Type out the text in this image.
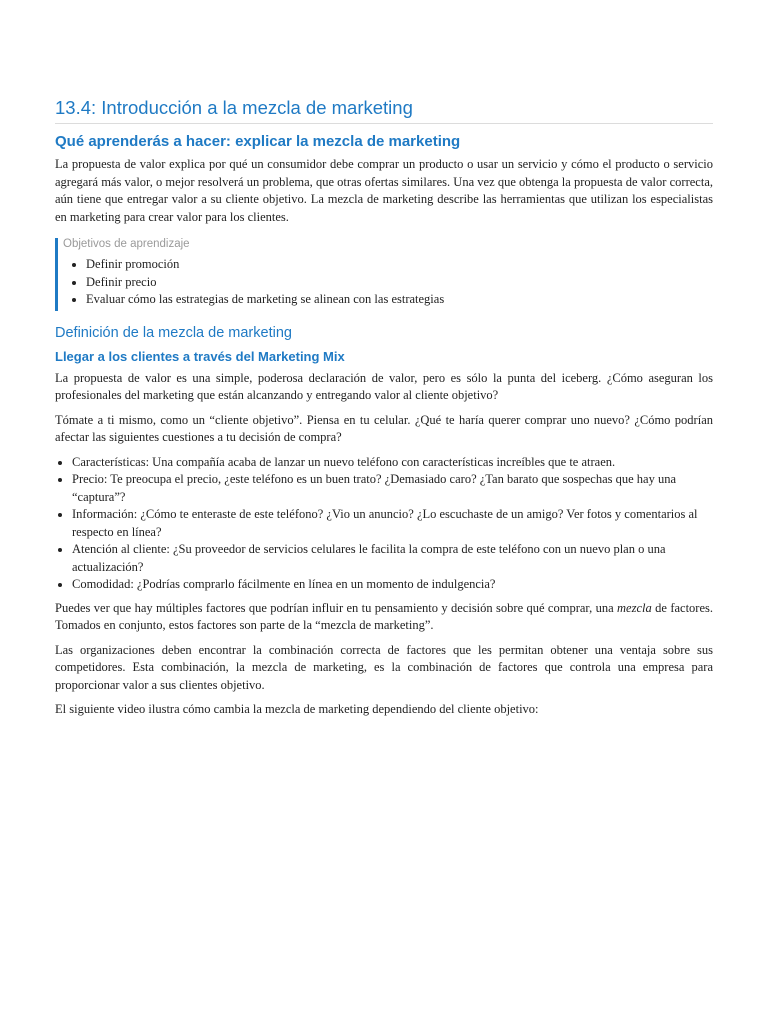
13.4: Introducción a la mezcla de marketing
Qué aprenderás a hacer: explicar la mezcla de marketing

La propuesta de valor explica por qué un consumidor debe comprar un producto o usar un servicio y cómo el producto o servicio agregará más valor, o mejor resolverá un problema, que otras ofertas similares. Una vez que obtenga la propuesta de valor correcta, aún tiene que entregar valor a su cliente objetivo. La mezcla de marketing describe las herramientas que utilizan los especialistas en marketing para crear valor para los clientes.

Objetivos de aprendizaje
• Definir promoción
• Definir precio
• Evaluar cómo las estrategias de marketing se alinean con las estrategias
Definición de la mezcla de marketing
Llegar a los clientes a través del Marketing Mix

La propuesta de valor es una simple, poderosa declaración de valor, pero es sólo la punta del iceberg. ¿Cómo aseguran los profesionales del marketing que están alcanzando y entregando valor al cliente objetivo?

Tómate a ti mismo, como un “cliente objetivo”. Piensa en tu celular. ¿Qué te haría querer comprar uno nuevo? ¿Cómo podrían afectar las siguientes cuestiones a tu decisión de compra?

• Características: Una compañía acaba de lanzar un nuevo teléfono con características increíbles que te atraen.
• Precio: Te preocupa el precio, ¿este teléfono es un buen trato? ¿Demasiado caro? ¿Tan barato que sospechas que hay una “captura”?
• Información: ¿Cómo te enteraste de este teléfono? ¿Vio un anuncio? ¿Lo escuchaste de un amigo? Ver fotos y comentarios al respecto en línea?
• Atención al cliente: ¿Su proveedor de servicios celulares le facilita la compra de este teléfono con un nuevo plan o una actualización?
• Comodidad: ¿Podrías comprarlo fácilmente en línea en un momento de indulgencia?

Puedes ver que hay múltiples factores que podrían influir en tu pensamiento y decisión sobre qué comprar, una mezcla de factores. Tomados en conjunto, estos factores son parte de la “mezcla de marketing”.

Las organizaciones deben encontrar la combinación correcta de factores que les permitan obtener una ventaja sobre sus competidores. Esta combinación, la mezcla de marketing, es la combinación de factores que controla una empresa para proporcionar valor a sus clientes objetivo.

El siguiente video ilustra cómo cambia la mezcla de marketing dependiendo del cliente objetivo:
